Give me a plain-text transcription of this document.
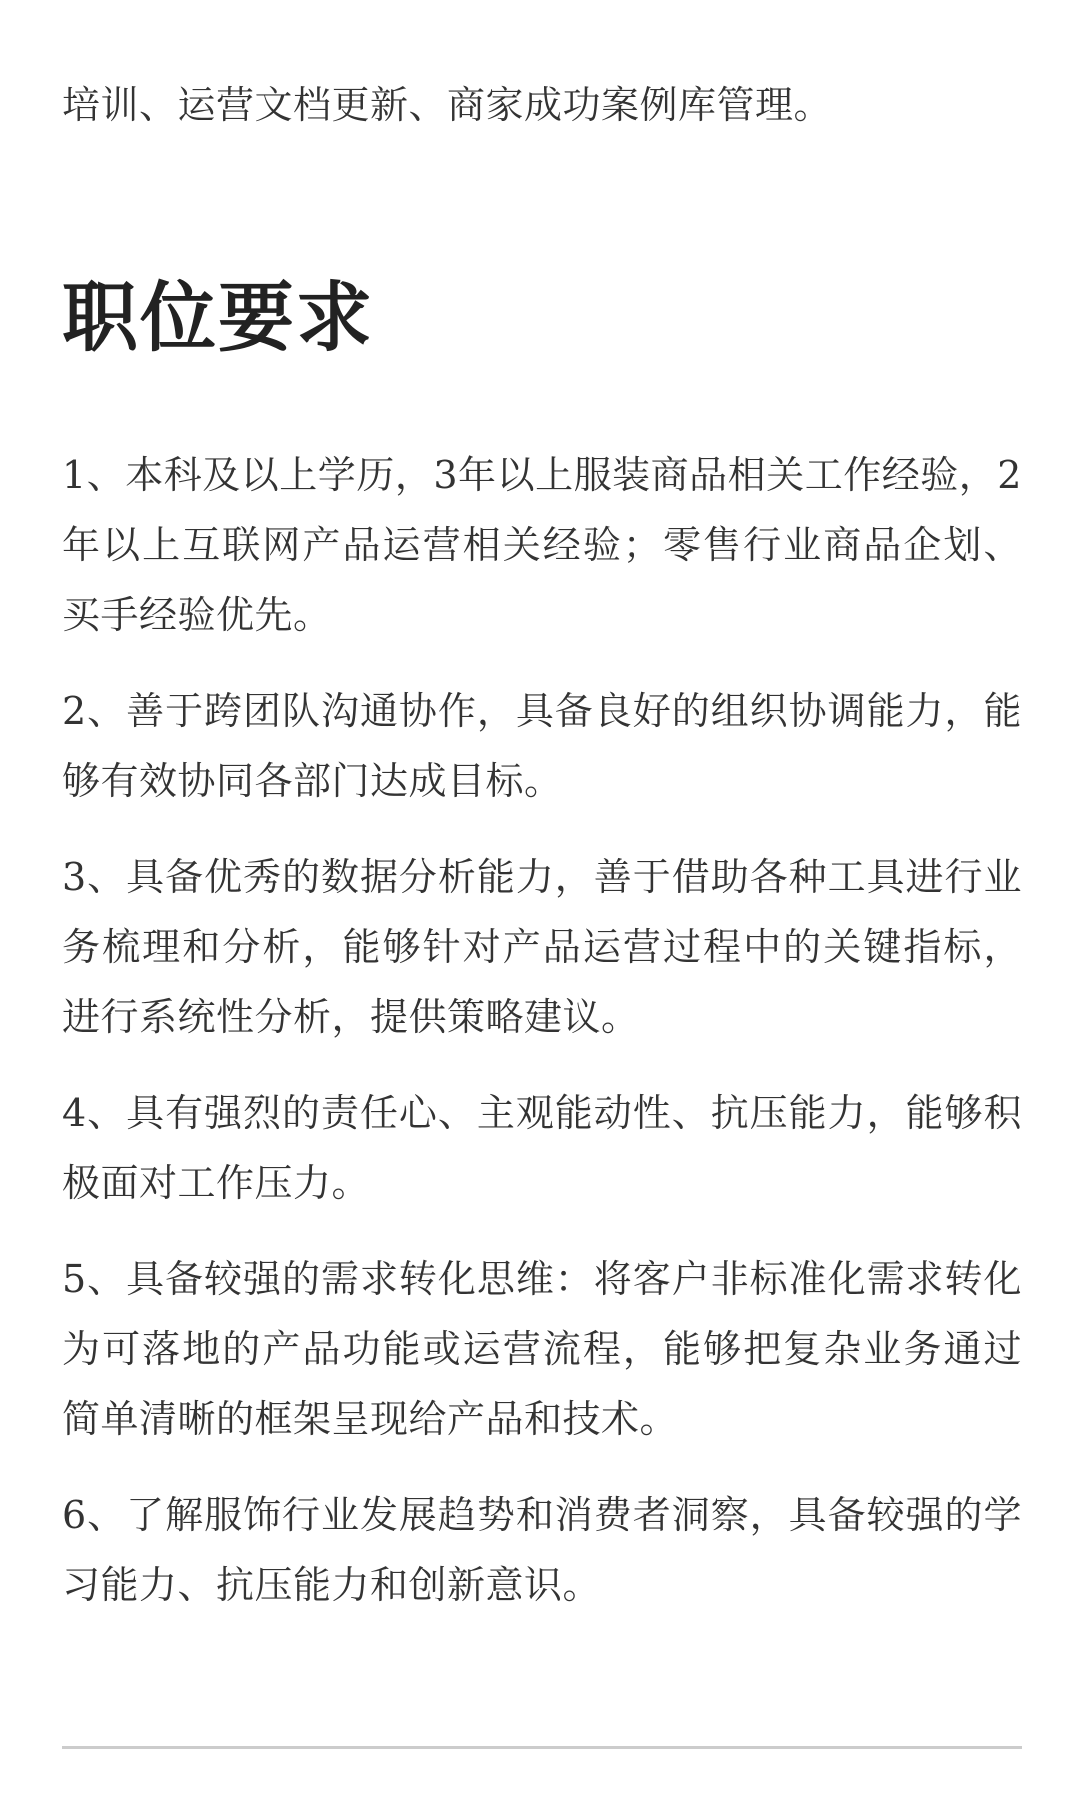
培训、运营文档更新、商家成功案例库管理。

职位要求
1、本科及以上学历，3年以上服装商品相关工作经验，2年以上互联网产品运营相关经验；零售行业商品企划、买手经验优先。
2、善于跨团队沟通协作，具备良好的组织协调能力，能够有效协同各部门达成目标。
3、具备优秀的数据分析能力，善于借助各种工具进行业务梳理和分析，能够针对产品运营过程中的关键指标，进行系统性分析，提供策略建议。
4、具有强烈的责任心、主观能动性、抗压能力，能够积极面对工作压力。
5、具备较强的需求转化思维：将客户非标准化需求转化为可落地的产品功能或运营流程，能够把复杂业务通过简单清晰的框架呈现给产品和技术。
6、了解服饰行业发展趋势和消费者洞察，具备较强的学习能力、抗压能力和创新意识。
